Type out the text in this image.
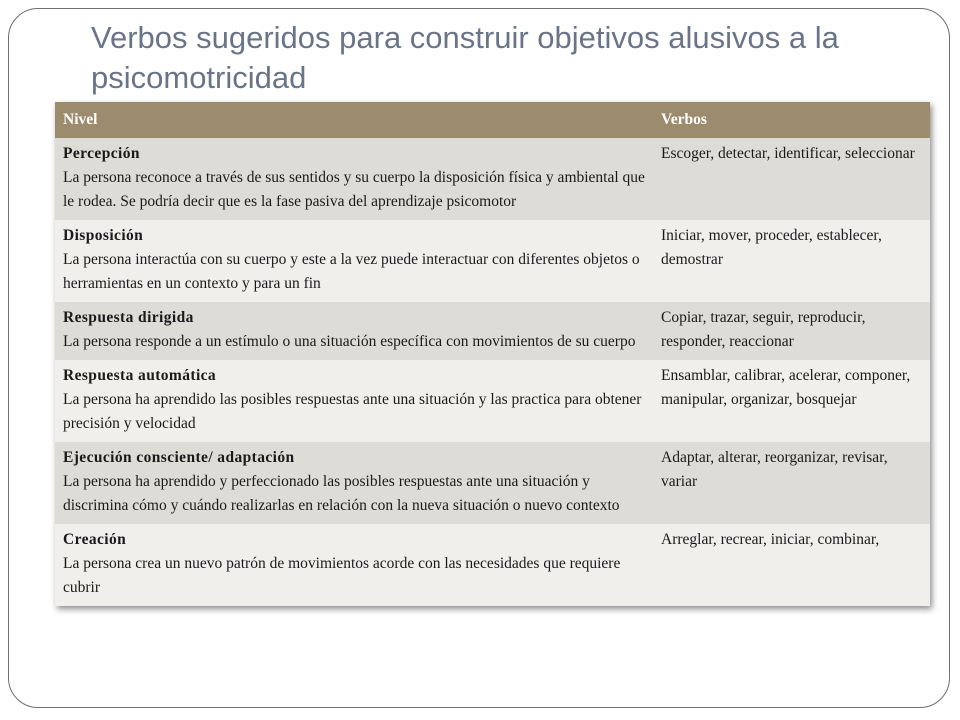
Verbos sugeridos para construir objetivos alusivos a la psicomotricidad
Nivel	Verbos

Percepción
La persona reconoce a través de sus sentidos y su cuerpo la disposición física y ambiental que le rodea. Se podría decir que es la fase pasiva del aprendizaje psicomotor	Escoger, detectar, identificar, seleccionar

Disposición
La persona interactúa con su cuerpo y este a la vez puede interactuar con diferentes objetos o herramientas en un contexto y para un fin	Iniciar, mover, proceder, establecer, demostrar

Respuesta dirigida
La persona responde a un estímulo o una situación específica con movimientos de su cuerpo	Copiar, trazar, seguir, reproducir, responder, reaccionar

Respuesta automática
La persona ha aprendido las posibles respuestas ante una situación y las practica para obtener precisión y velocidad	Ensamblar, calibrar, acelerar, componer, manipular, organizar, bosquejar

Ejecución consciente/ adaptación
La persona ha aprendido y perfeccionado las posibles respuestas ante una situación y discrimina cómo y cuándo realizarlas en relación con la nueva situación o nuevo contexto	Adaptar, alterar, reorganizar, revisar, variar

Creación
La persona crea un nuevo patrón de movimientos acorde con las necesidades que requiere cubrir	Arreglar, recrear, iniciar, combinar,
